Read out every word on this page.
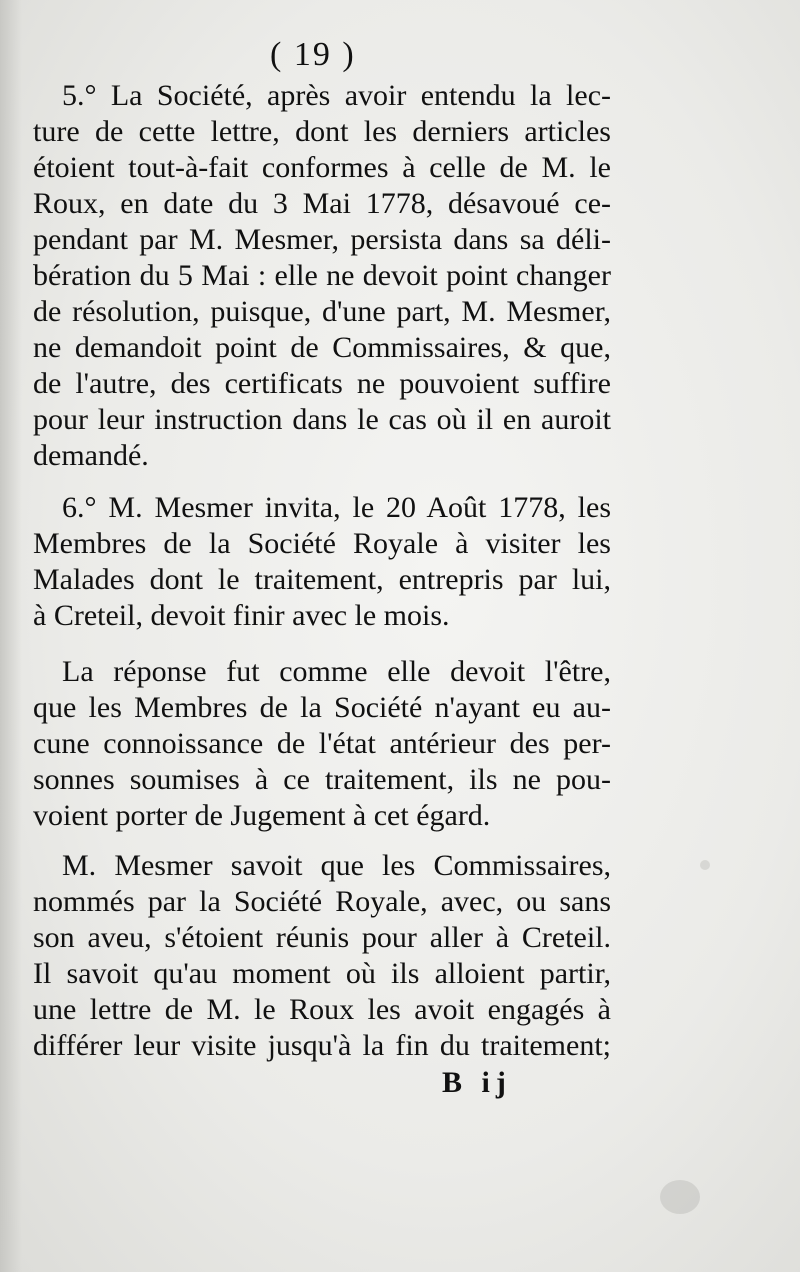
( 19 )
5.° La Société, après avoir entendu la lec-
ture de cette lettre, dont les derniers articles
étoient tout-à-fait conformes à celle de M. le
Roux, en date du 3 Mai 1778, désavoué ce-
pendant par M. Mesmer, persista dans sa déli-
bération du 5 Mai : elle ne devoit point changer
de résolution, puisque, d'une part, M. Mesmer,
ne demandoit point de Commissaires, & que,
de l'autre, des certificats ne pouvoient suffire
pour leur instruction dans le cas où il en auroit
demandé.
6.° M. Mesmer invita, le 20 Août 1778, les
Membres de la Société Royale à visiter les
Malades dont le traitement, entrepris par lui,
à Creteil, devoit finir avec le mois.
La réponse fut comme elle devoit l'être,
que les Membres de la Société n'ayant eu au-
cune connoissance de l'état antérieur des per-
sonnes soumises à ce traitement, ils ne pou-
voient porter de Jugement à cet égard.
M. Mesmer savoit que les Commissaires,
nommés par la Société Royale, avec, ou sans
son aveu, s'étoient réunis pour aller à Creteil.
Il savoit qu'au moment où ils alloient partir,
une lettre de M. le Roux les avoit engagés à
différer leur visite jusqu'à la fin du traitement;
B ij
